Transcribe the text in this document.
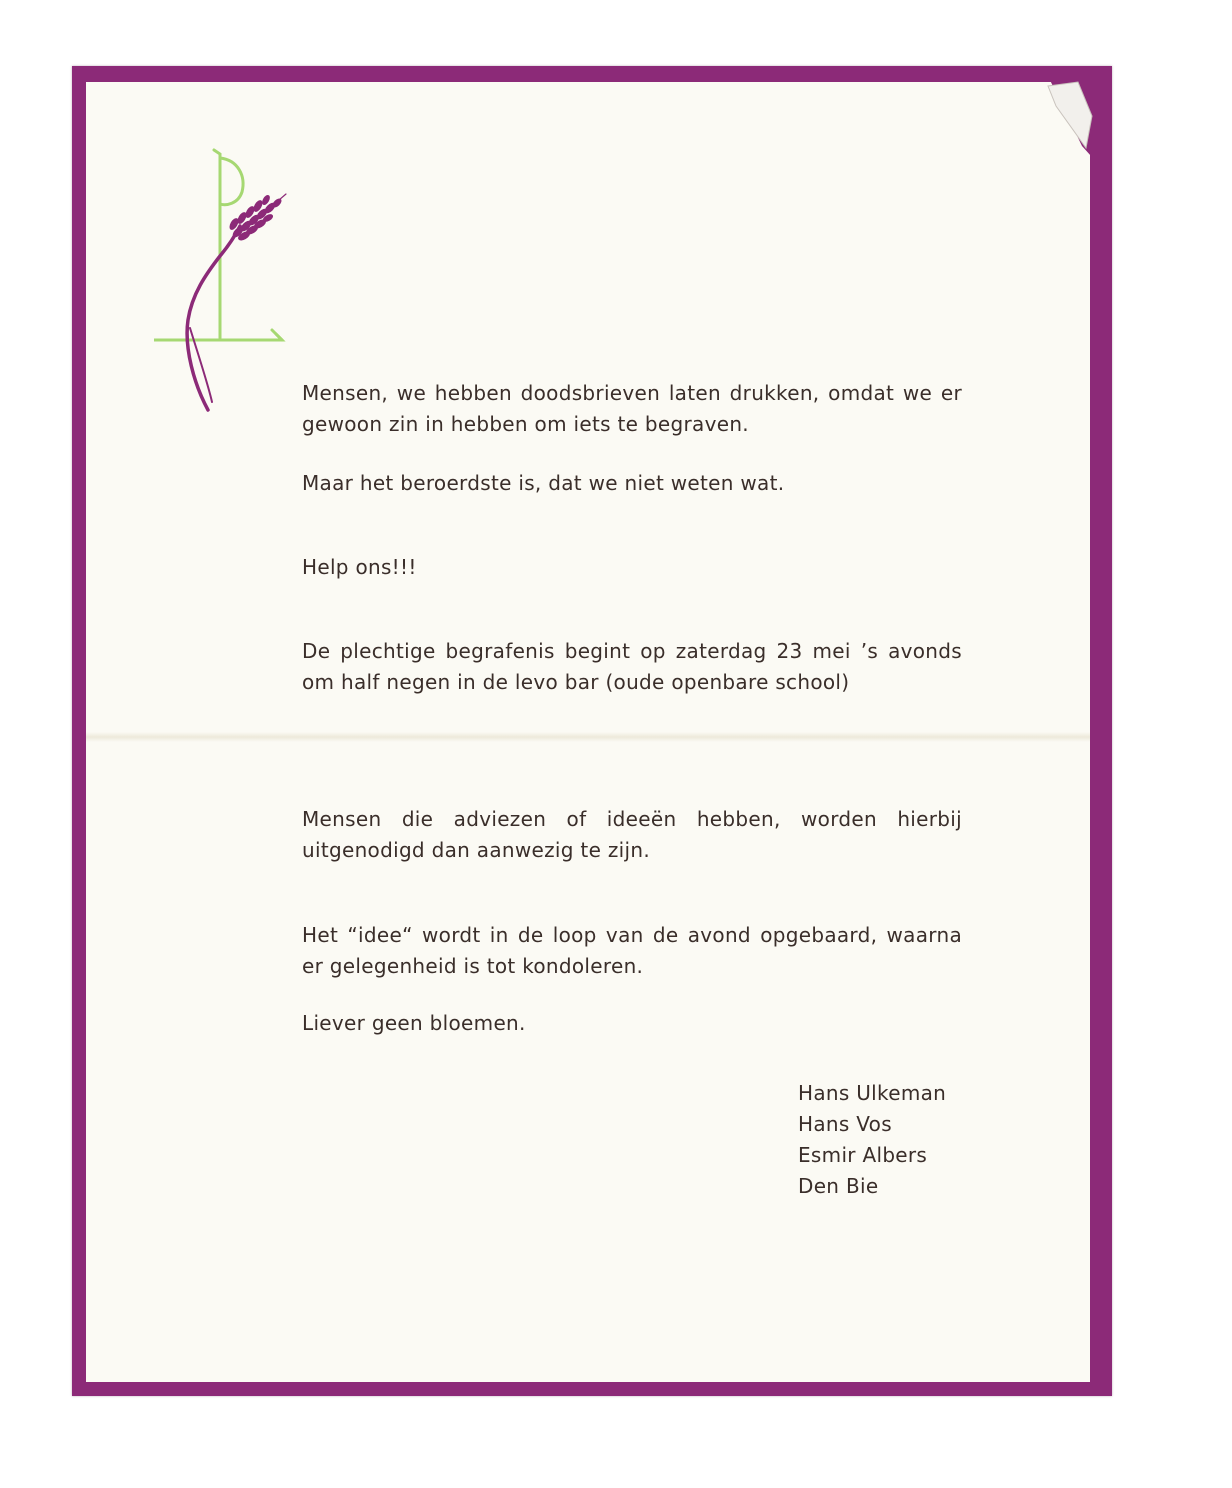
Mensen, we hebben doodsbrieven laten drukken, omdat we er gewoon zin in hebben om iets te begraven.

Maar het beroerdste is, dat we niet weten wat.

Help ons!!!

De plechtige begrafenis begint op zaterdag 23 mei ’s avonds om half negen in de levo bar (oude openbare school)

Mensen die adviezen of ideeën hebben, worden hierbij uitgenodigd dan aanwezig te zijn.

Het “idee“ wordt in de loop van de avond opgebaard, waarna er gelegenheid is tot kondoleren.

Liever geen bloemen.

Hans Ulkeman
Hans Vos
Esmir Albers
Den Bie
